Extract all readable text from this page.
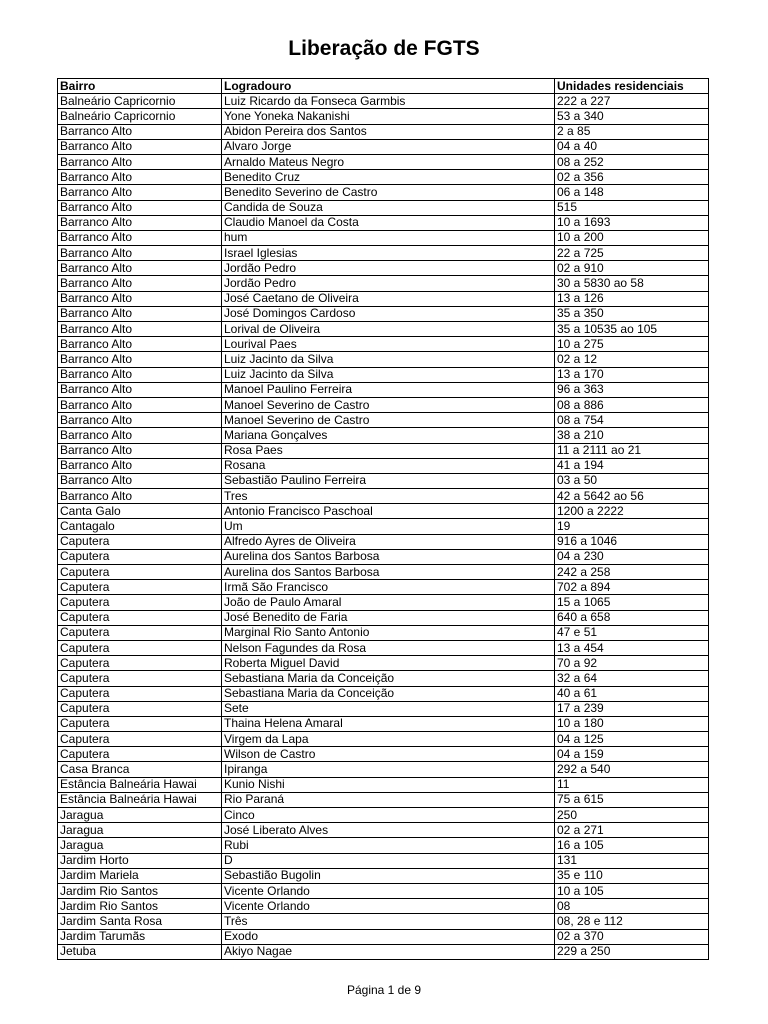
Liberação de FGTS
Bairro	Logradouro	Unidades residenciais
Balneário Capricornio	Luiz Ricardo da Fonseca Garmbis	222 a 227
Balneário Capricornio	Yone Yoneka Nakanishi	53 a 340
Barranco Alto	Abidon Pereira dos Santos	2 a 85
Barranco Alto	Alvaro Jorge	04 a 40
Barranco Alto	Arnaldo Mateus Negro	08 a 252
Barranco Alto	Benedito Cruz	02 a 356
Barranco Alto	Benedito Severino de Castro	06 a 148
Barranco Alto	Candida de Souza	515
Barranco Alto	Claudio Manoel da Costa	10 a 1693
Barranco Alto	hum	10 a 200
Barranco Alto	Israel Iglesias	22 a 725
Barranco Alto	Jordão Pedro	02 a 910
Barranco Alto	Jordão Pedro	30 a 5830 ao 58
Barranco Alto	José Caetano de Oliveira	13 a 126
Barranco Alto	José Domingos Cardoso	35 a 350
Barranco Alto	Lorival de Oliveira	35 a 10535 ao 105
Barranco Alto	Lourival Paes	10 a 275
Barranco Alto	Luiz Jacinto da Silva	02 a 12
Barranco Alto	Luiz Jacinto da Silva	13 a 170
Barranco Alto	Manoel Paulino Ferreira	96 a 363
Barranco Alto	Manoel Severino de Castro	08 a 886
Barranco Alto	Manoel Severino de Castro	08 a 754
Barranco Alto	Mariana Gonçalves	38 a 210
Barranco Alto	Rosa Paes	11 a 2111 ao 21
Barranco Alto	Rosana	41 a 194
Barranco Alto	Sebastião Paulino Ferreira	03 a 50
Barranco Alto	Tres	42 a 5642 ao 56
Canta Galo	Antonio Francisco Paschoal	1200 a 2222
Cantagalo	Um	19
Caputera	Alfredo Ayres de Oliveira	916 a 1046
Caputera	Aurelina dos Santos Barbosa	04 a 230
Caputera	Aurelina dos Santos Barbosa	242 a 258
Caputera	Irmã São Francisco	702 a 894
Caputera	João de Paulo Amaral	15 a 1065
Caputera	José Benedito de Faria	640 a 658
Caputera	Marginal Rio Santo Antonio	47 e 51
Caputera	Nelson Fagundes da Rosa	13 a 454
Caputera	Roberta Miguel David	70 a 92
Caputera	Sebastiana Maria da Conceição	32 a 64
Caputera	Sebastiana Maria da Conceição	40 a 61
Caputera	Sete	17 a 239
Caputera	Thaina Helena Amaral	10 a 180
Caputera	Virgem da Lapa	04 a 125
Caputera	Wilson de Castro	04 a 159
Casa Branca	Ipiranga	292 a 540
Estância Balneária Hawai	Kunio Nishi	11
Estância Balneária Hawai	Rio Paraná	75 a 615
Jaragua	Cinco	250
Jaragua	José Liberato Alves	02 a 271
Jaragua	Rubi	16 a 105
Jardim Horto	D	131
Jardim Mariela	Sebastião Bugolin	35 e 110
Jardim Rio Santos	Vicente Orlando	10 a 105
Jardim Rio Santos	Vicente Orlando	08
Jardim Santa Rosa	Três	08, 28 e 112
Jardim Tarumãs	Exodo	02 a 370
Jetuba	Akiyo Nagae	229 a 250

Página 1 de 9
